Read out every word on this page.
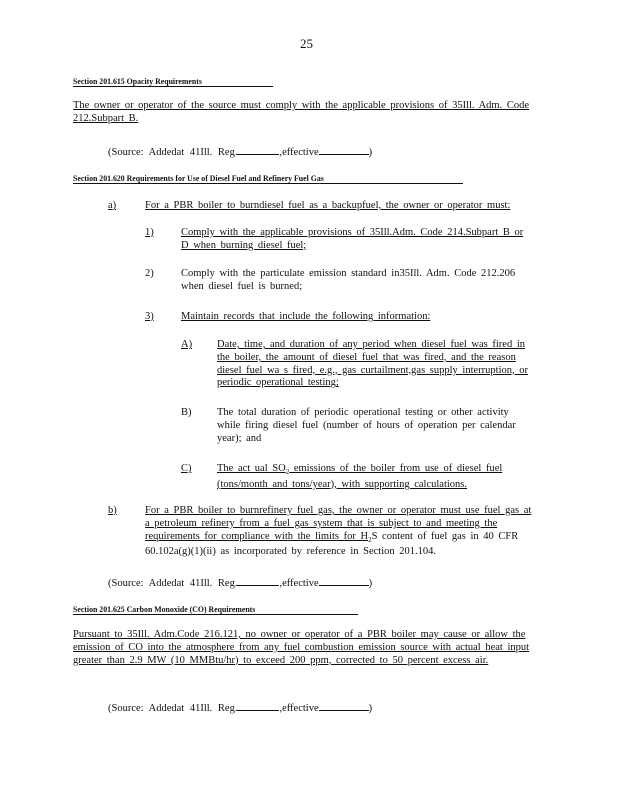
25
Section 201.615 Opacity Requirements
The owner or operator of the source must comply with the applicable provisions of 35Ill. Adm. Code 212.Subpart B.
(Source: Addedat 41Ill. Reg.	,effective	)
Section 201.620 Requirements for Use of Diesel Fuel and Refinery Fuel Gas
a)	For a PBR boiler to burndiesel fuel as a backupfuel, the owner or operator must:
1)	Comply with the applicable provisions of 35Ill.Adm. Code 214.Subpart B or D when burning diesel fuel;
2)	Comply with the particulate emission standard in35Ill. Adm. Code 212.206 when diesel fuel is burned;
3)	Maintain records that include the following information:
A) Date, time, and duration of any period when diesel fuel was fired in the boiler, the amount of diesel fuel that was fired, and the reason diesel fuel wa s fired, e.g., gas curtailment,gas supply interruption, or periodic operational testing;
B) The total duration of periodic operational testing or other activity while firing diesel fuel (number of hours of operation per calendar year); and
C) The act ual $SO_2$ emissions of the boiler from use of diesel fuel (tons/month and tons/year), with supporting calculations.
b)	For a PBR boiler to burnrefinery fuel gas, the owner or operator must use fuel gas at a petroleum refinery from a fuel gas system that is subject to and meeting the requirements for compliance with the limits for $H_2S$ content of fuel gas in 40 CFR 60.102a(g)(1)(ii) as incorporated by reference in Section 201.104.
(Source: Addedat 41Ill. Reg.	,effective	)
Section 201.625 Carbon Monoxide (CO) Requirements
Pursuant to 35Ill. Adm.Code 216.121, no owner or operator of a PBR boiler may cause or allow the emission of CO into the atmosphere from any fuel combustion emission source with actual heat input greater than 2.9 MW (10 MMBtu/hr) to exceed 200 ppm, corrected to 50 percent excess air.
(Source: Addedat 41Ill. Reg.	,effective	)
